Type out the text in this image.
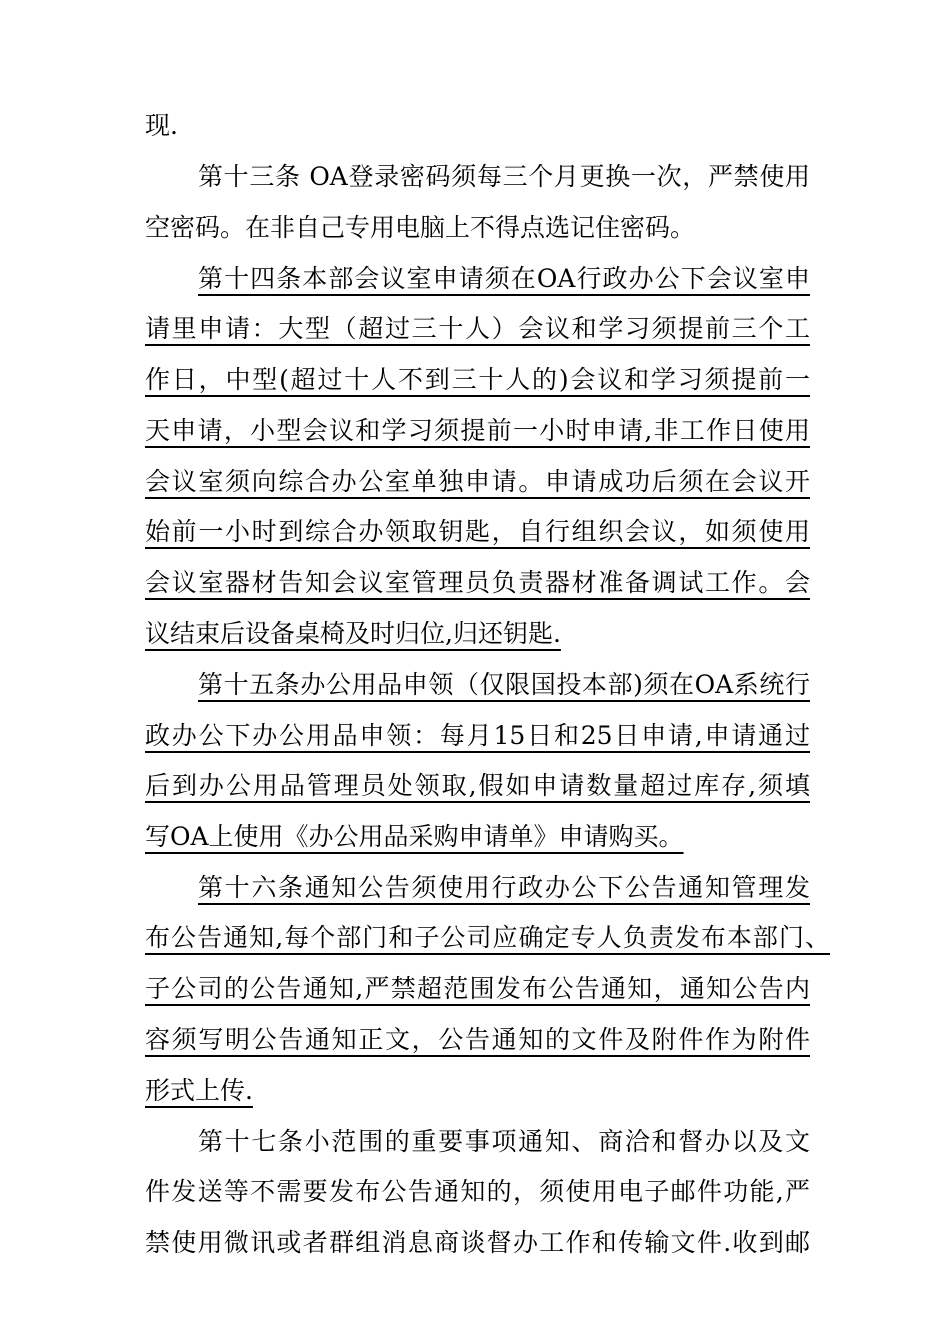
现.
第十三条 OA登录密码须每三个月更换一次，严禁使用
空密码。在非自己专用电脑上不得点选记住密码。
第十四条本部会议室申请须在OA行政办公下会议室申
请里申请：大型（超过三十人）会议和学习须提前三个工
作日，中型(超过十人不到三十人的)会议和学习须提前一
天申请，小型会议和学习须提前一小时申请,非工作日使用
会议室须向综合办公室单独申请。申请成功后须在会议开
始前一小时到综合办领取钥匙，自行组织会议，如须使用
会议室器材告知会议室管理员负责器材准备调试工作。会
议结束后设备桌椅及时归位,归还钥匙.
第十五条办公用品申领（仅限国投本部)须在OA系统行
政办公下办公用品申领：每月15日和25日申请,申请通过
后到办公用品管理员处领取,假如申请数量超过库存,须填
写OA上使用《办公用品采购申请单》申请购买。
第十六条通知公告须使用行政办公下公告通知管理发
布公告通知,每个部门和子公司应确定专人负责发布本部门、
子公司的公告通知,严禁超范围发布公告通知，通知公告内
容须写明公告通知正文，公告通知的文件及附件作为附件
形式上传.
第十七条小范围的重要事项通知、商洽和督办以及文
件发送等不需要发布公告通知的，须使用电子邮件功能,严
禁使用微讯或者群组消息商谈督办工作和传输文件.收到邮
